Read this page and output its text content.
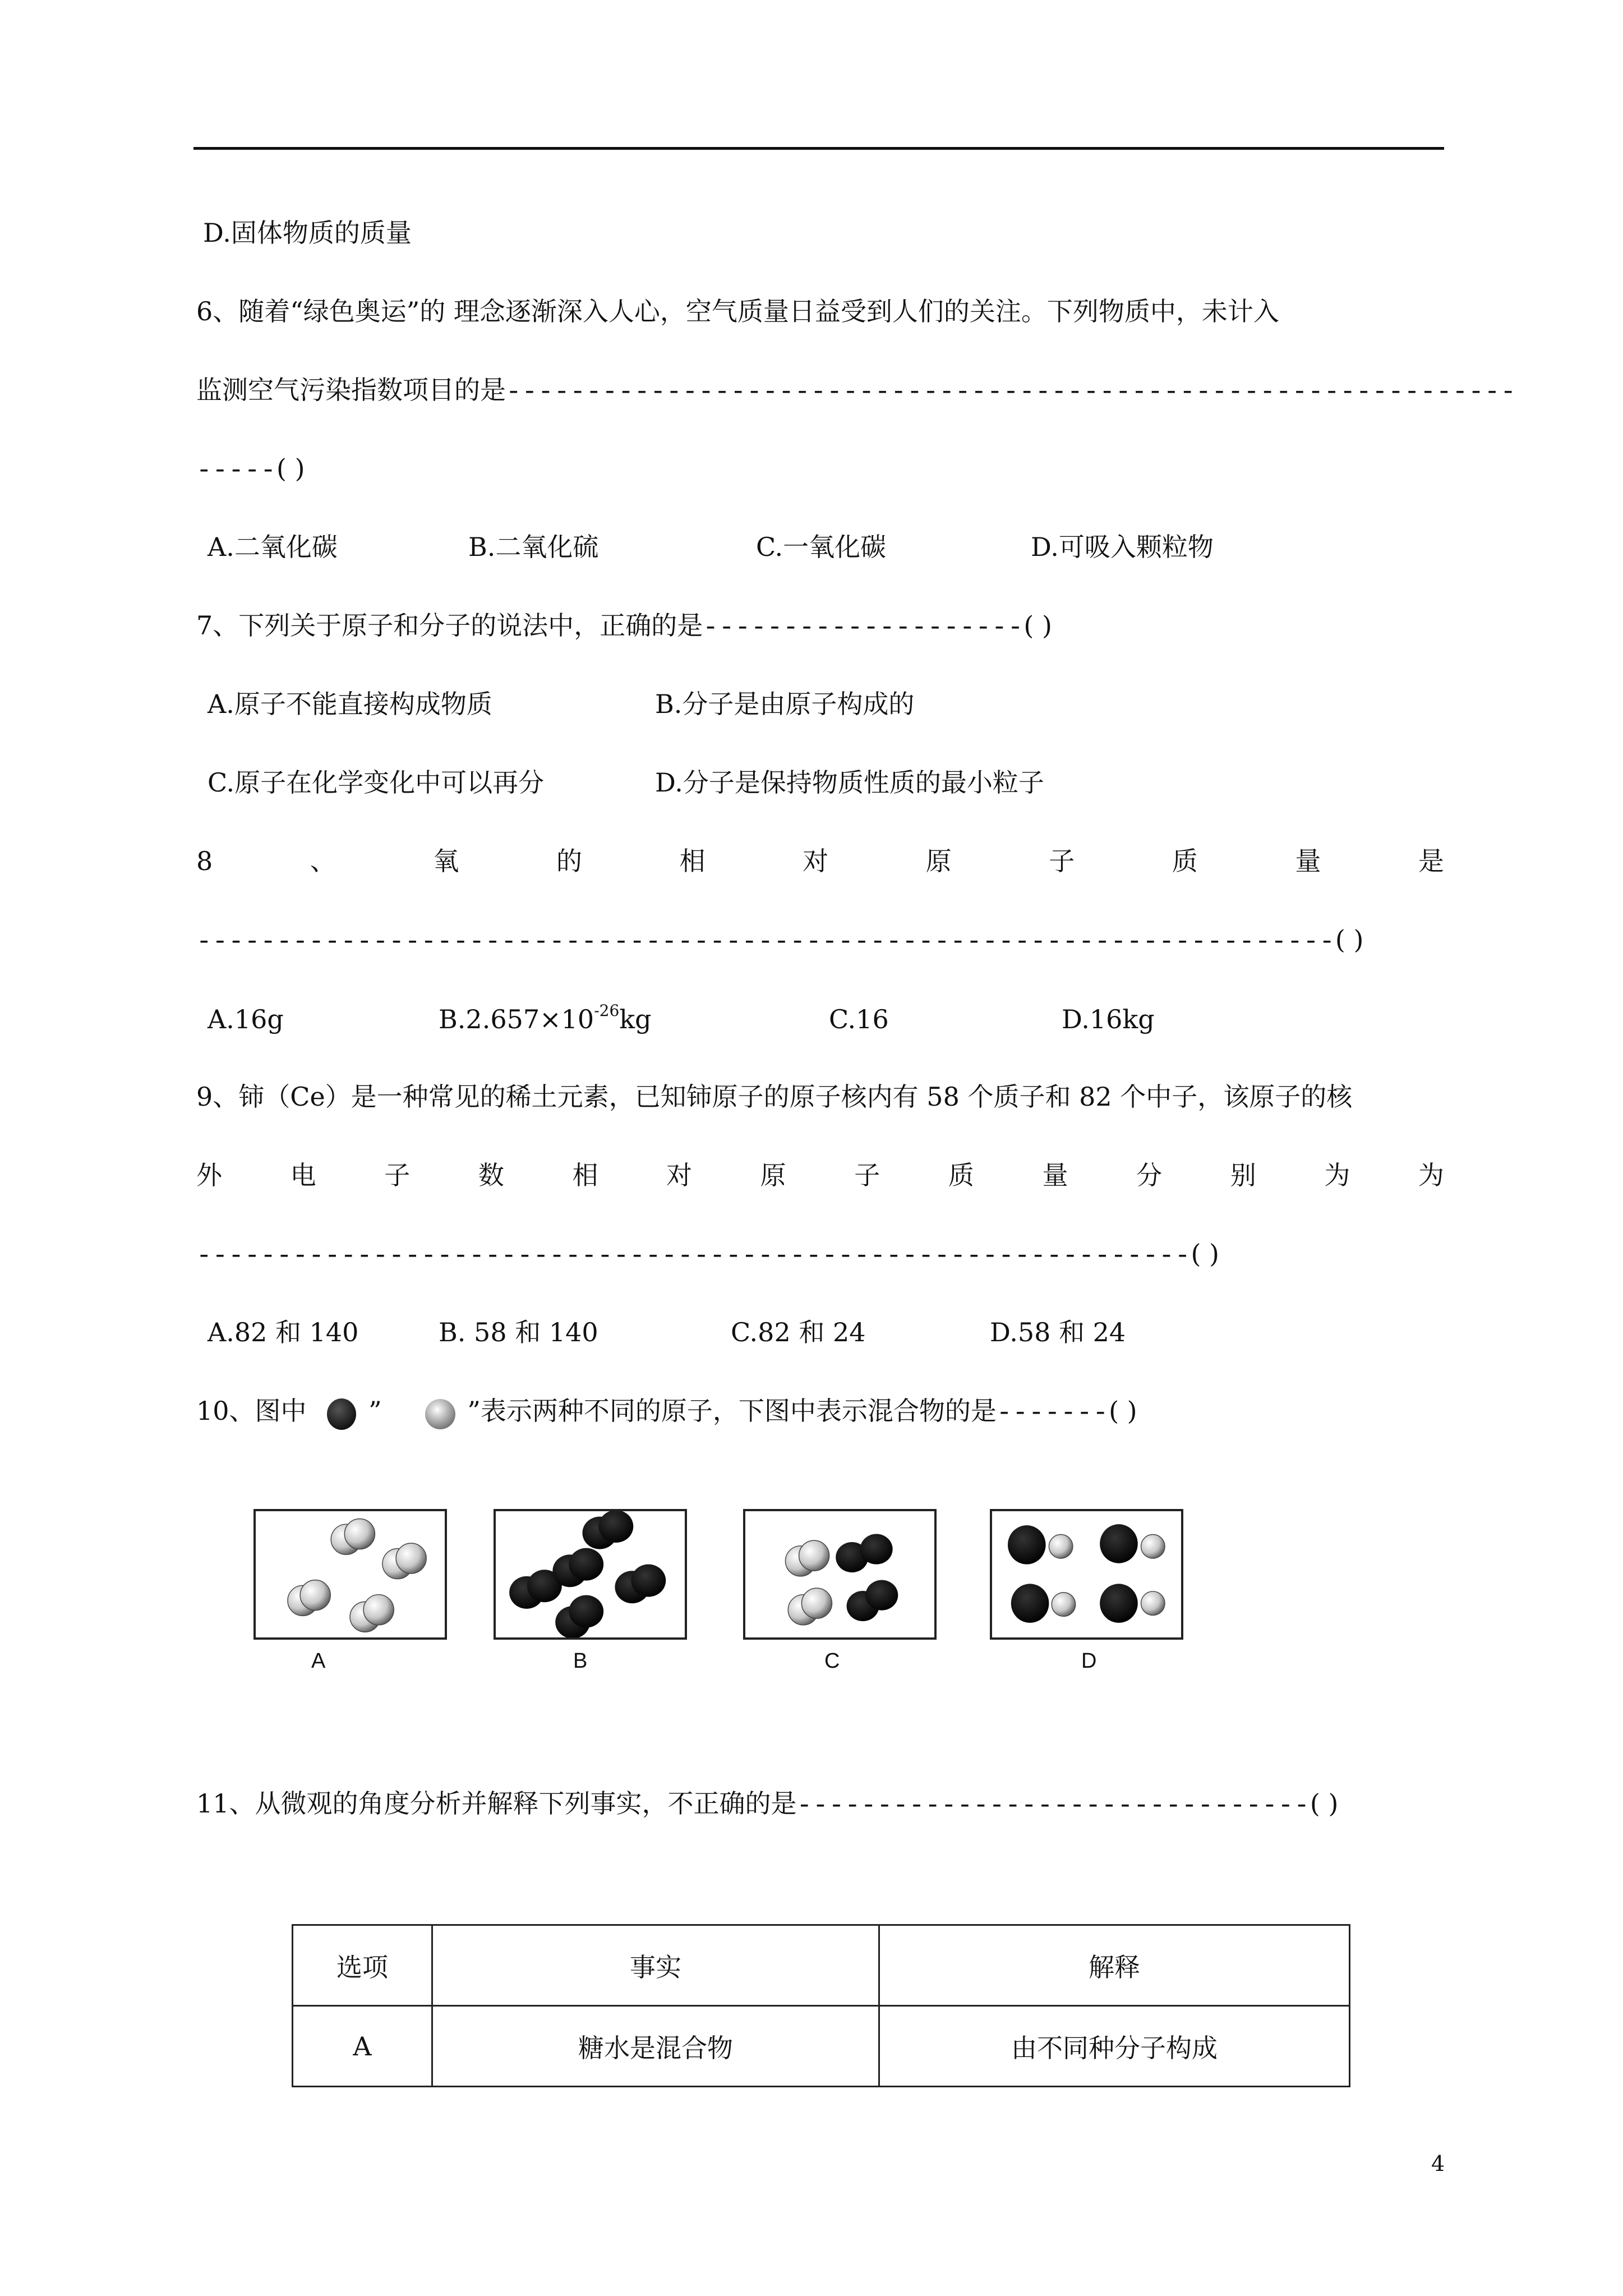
D.固体物质的质量
6、随着“绿色奥运”的 理念逐渐深入人心，空气质量日益受到人们的关注。下列物质中，未计入
监测空气污染指数项目的是---------------------------------------------------------------
-----( )
A.二氧化碳	B.二氧化硫	C.一氧化碳	D.可吸入颗粒物
7、下列关于原子和分子的说法中，正确的是--------------------( )
A.原子不能直接构成物质	B.分子是由原子构成的
C.原子在化学变化中可以再分	D.分子是保持物质性质的最小粒子
8	、	氧	的	相	对	原	子	质	量	是
-----------------------------------------------------------------------( )
A.16g	$B.2.657\times 10^{-26}kg$	C.16	D.16kg
9、铈（Ce）是一种常见的稀土元素，已知铈原子的原子核内有 58 个质子和 82 个中子，该原子的核
外	电	子	数	相	对	原	子	质	量	分	别	为	为
--------------------------------------------------------------( )
A.82 和 140	B. 58 和 140	C.82 和 24	D.58 和 24
10、图中 ”	”表示两种不同的原子，下图中表示混合物的是-------( )
A	B	C	D
11、从微观的角度分析并解释下列事实，不正确的是--------------------------------( )
选项	事实	解释
A	糖水是混合物	由不同种分子构成
4
